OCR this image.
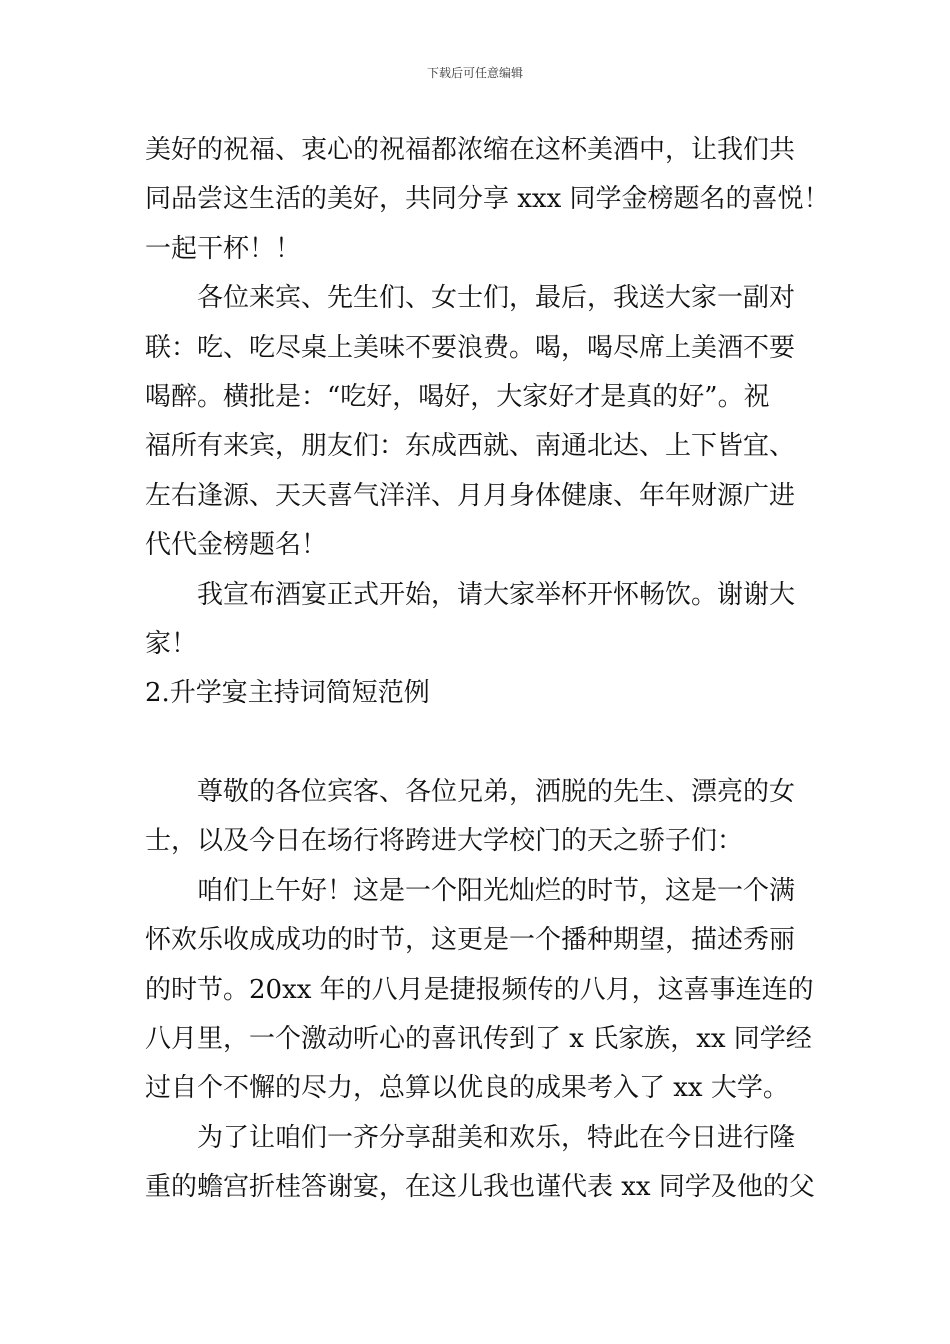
下载后可任意编辑
美好的祝福、衷心的祝福都浓缩在这杯美酒中，让我们共
同品尝这生活的美好，共同分享 xxx 同学金榜题名的喜悦！
一起干杯！！
各位来宾、先生们、女士们，最后，我送大家一副对
联：吃、吃尽桌上美味不要浪费。喝，喝尽席上美酒不要
喝醉。横批是：“吃好，喝好，大家好才是真的好”。祝
福所有来宾，朋友们：东成西就、南通北达、上下皆宜、
左右逢源、天天喜气洋洋、月月身体健康、年年财源广进
代代金榜题名！
我宣布酒宴正式开始，请大家举杯开怀畅饮。谢谢大
家！
2.升学宴主持词简短范例
尊敬的各位宾客、各位兄弟，洒脱的先生、漂亮的女
士，以及今日在场行将跨进大学校门的天之骄子们：
咱们上午好！这是一个阳光灿烂的时节，这是一个满
怀欢乐收成成功的时节，这更是一个播种期望，描述秀丽
的时节。20xx 年的八月是捷报频传的八月，这喜事连连的
八月里，一个激动听心的喜讯传到了 x 氏家族，xx 同学经
过自个不懈的尽力，总算以优良的成果考入了 xx 大学。
为了让咱们一齐分享甜美和欢乐，特此在今日进行隆
重的蟾宫折桂答谢宴，在这儿我也谨代表 xx 同学及他的父
